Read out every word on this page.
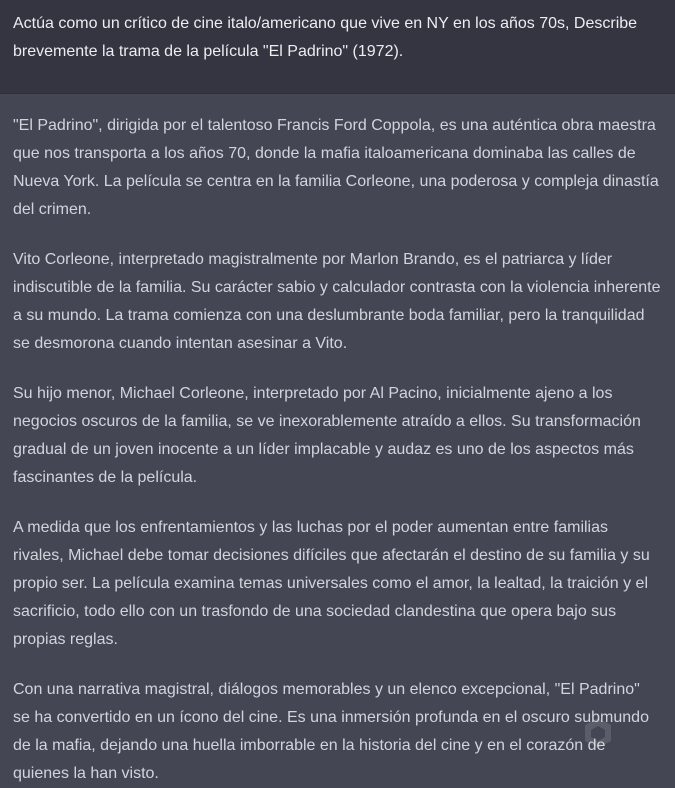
Actúa como un crítico de cine italo/americano que vive en NY en los años 70s, Describe brevemente la trama de la película "El Padrino" (1972).

"El Padrino", dirigida por el talentoso Francis Ford Coppola, es una auténtica obra maestra que nos transporta a los años 70, donde la mafia italoamericana dominaba las calles de Nueva York. La película se centra en la familia Corleone, una poderosa y compleja dinastía del crimen.

Vito Corleone, interpretado magistralmente por Marlon Brando, es el patriarca y líder indiscutible de la familia. Su carácter sabio y calculador contrasta con la violencia inherente a su mundo. La trama comienza con una deslumbrante boda familiar, pero la tranquilidad se desmorona cuando intentan asesinar a Vito.

Su hijo menor, Michael Corleone, interpretado por Al Pacino, inicialmente ajeno a los negocios oscuros de la familia, se ve inexorablemente atraído a ellos. Su transformación gradual de un joven inocente a un líder implacable y audaz es uno de los aspectos más fascinantes de la película.

A medida que los enfrentamientos y las luchas por el poder aumentan entre familias rivales, Michael debe tomar decisiones difíciles que afectarán el destino de su familia y su propio ser. La película examina temas universales como el amor, la lealtad, la traición y el sacrificio, todo ello con un trasfondo de una sociedad clandestina que opera bajo sus propias reglas.

Con una narrativa magistral, diálogos memorables y un elenco excepcional, "El Padrino" se ha convertido en un ícono del cine. Es una inmersión profunda en el oscuro submundo de la mafia, dejando una huella imborrable en la historia del cine y en el corazón de quienes la han visto.
